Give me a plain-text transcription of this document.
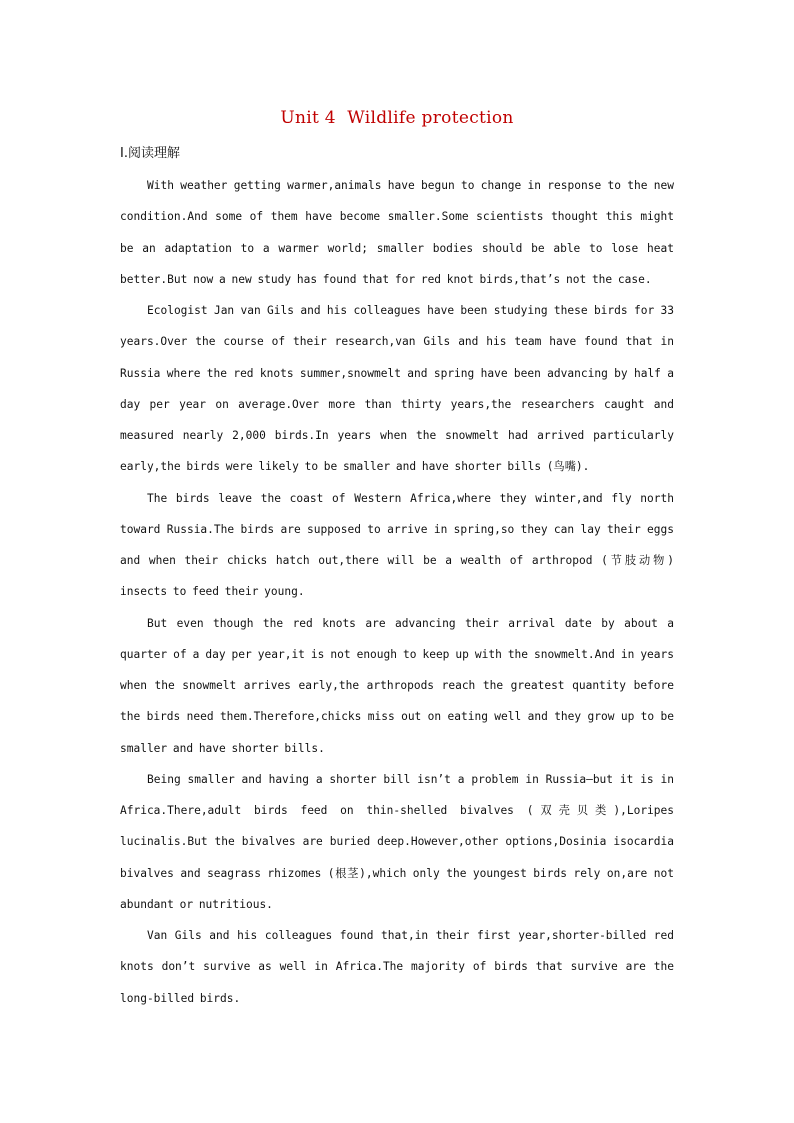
Unit 4  Wildlife protection
Ⅰ.阅读理解

With weather getting warmer,animals have begun to change in response to the new condition.And some of them have become smaller.Some scientists thought this might be an adaptation to a warmer world; smaller bodies should be able to lose heat better.But now a new study has found that for red knot birds,that’s not the case.

Ecologist Jan van Gils and his colleagues have been studying these birds for 33 years.Over the course of their research,van Gils and his team have found that in Russia where the red knots summer,snowmelt and spring have been advancing by half a day per year on average.Over more than thirty years,the researchers caught and measured nearly 2,000 birds.In years when the snowmelt had arrived particularly early,the birds were likely to be smaller and have shorter bills (鸟嘴).

The birds leave the coast of Western Africa,where they winter,and fly north toward Russia.The birds are supposed to arrive in spring,so they can lay their eggs and when their chicks hatch out,there will be a wealth of arthropod (节肢动物) insects to feed their young.

But even though the red knots are advancing their arrival date by about a quarter of a day per year,it is not enough to keep up with the snowmelt.And in years when the snowmelt arrives early,the arthropods reach the greatest quantity before the birds need them.Therefore,chicks miss out on eating well and they grow up to be smaller and have shorter bills.

Being smaller and having a shorter bill isn’t a problem in Russia—but it is in Africa.There,adult birds feed on thin-shelled bivalves (双壳贝类),Loripes lucinalis.But the bivalves are buried deep.However,other options,Dosinia isocardia bivalves and seagrass rhizomes (根茎),which only the youngest birds rely on,are not abundant or nutritious.

Van Gils and his colleagues found that,in their first year,shorter-billed red knots don’t survive as well in Africa.The majority of birds that survive are the long-billed birds.
